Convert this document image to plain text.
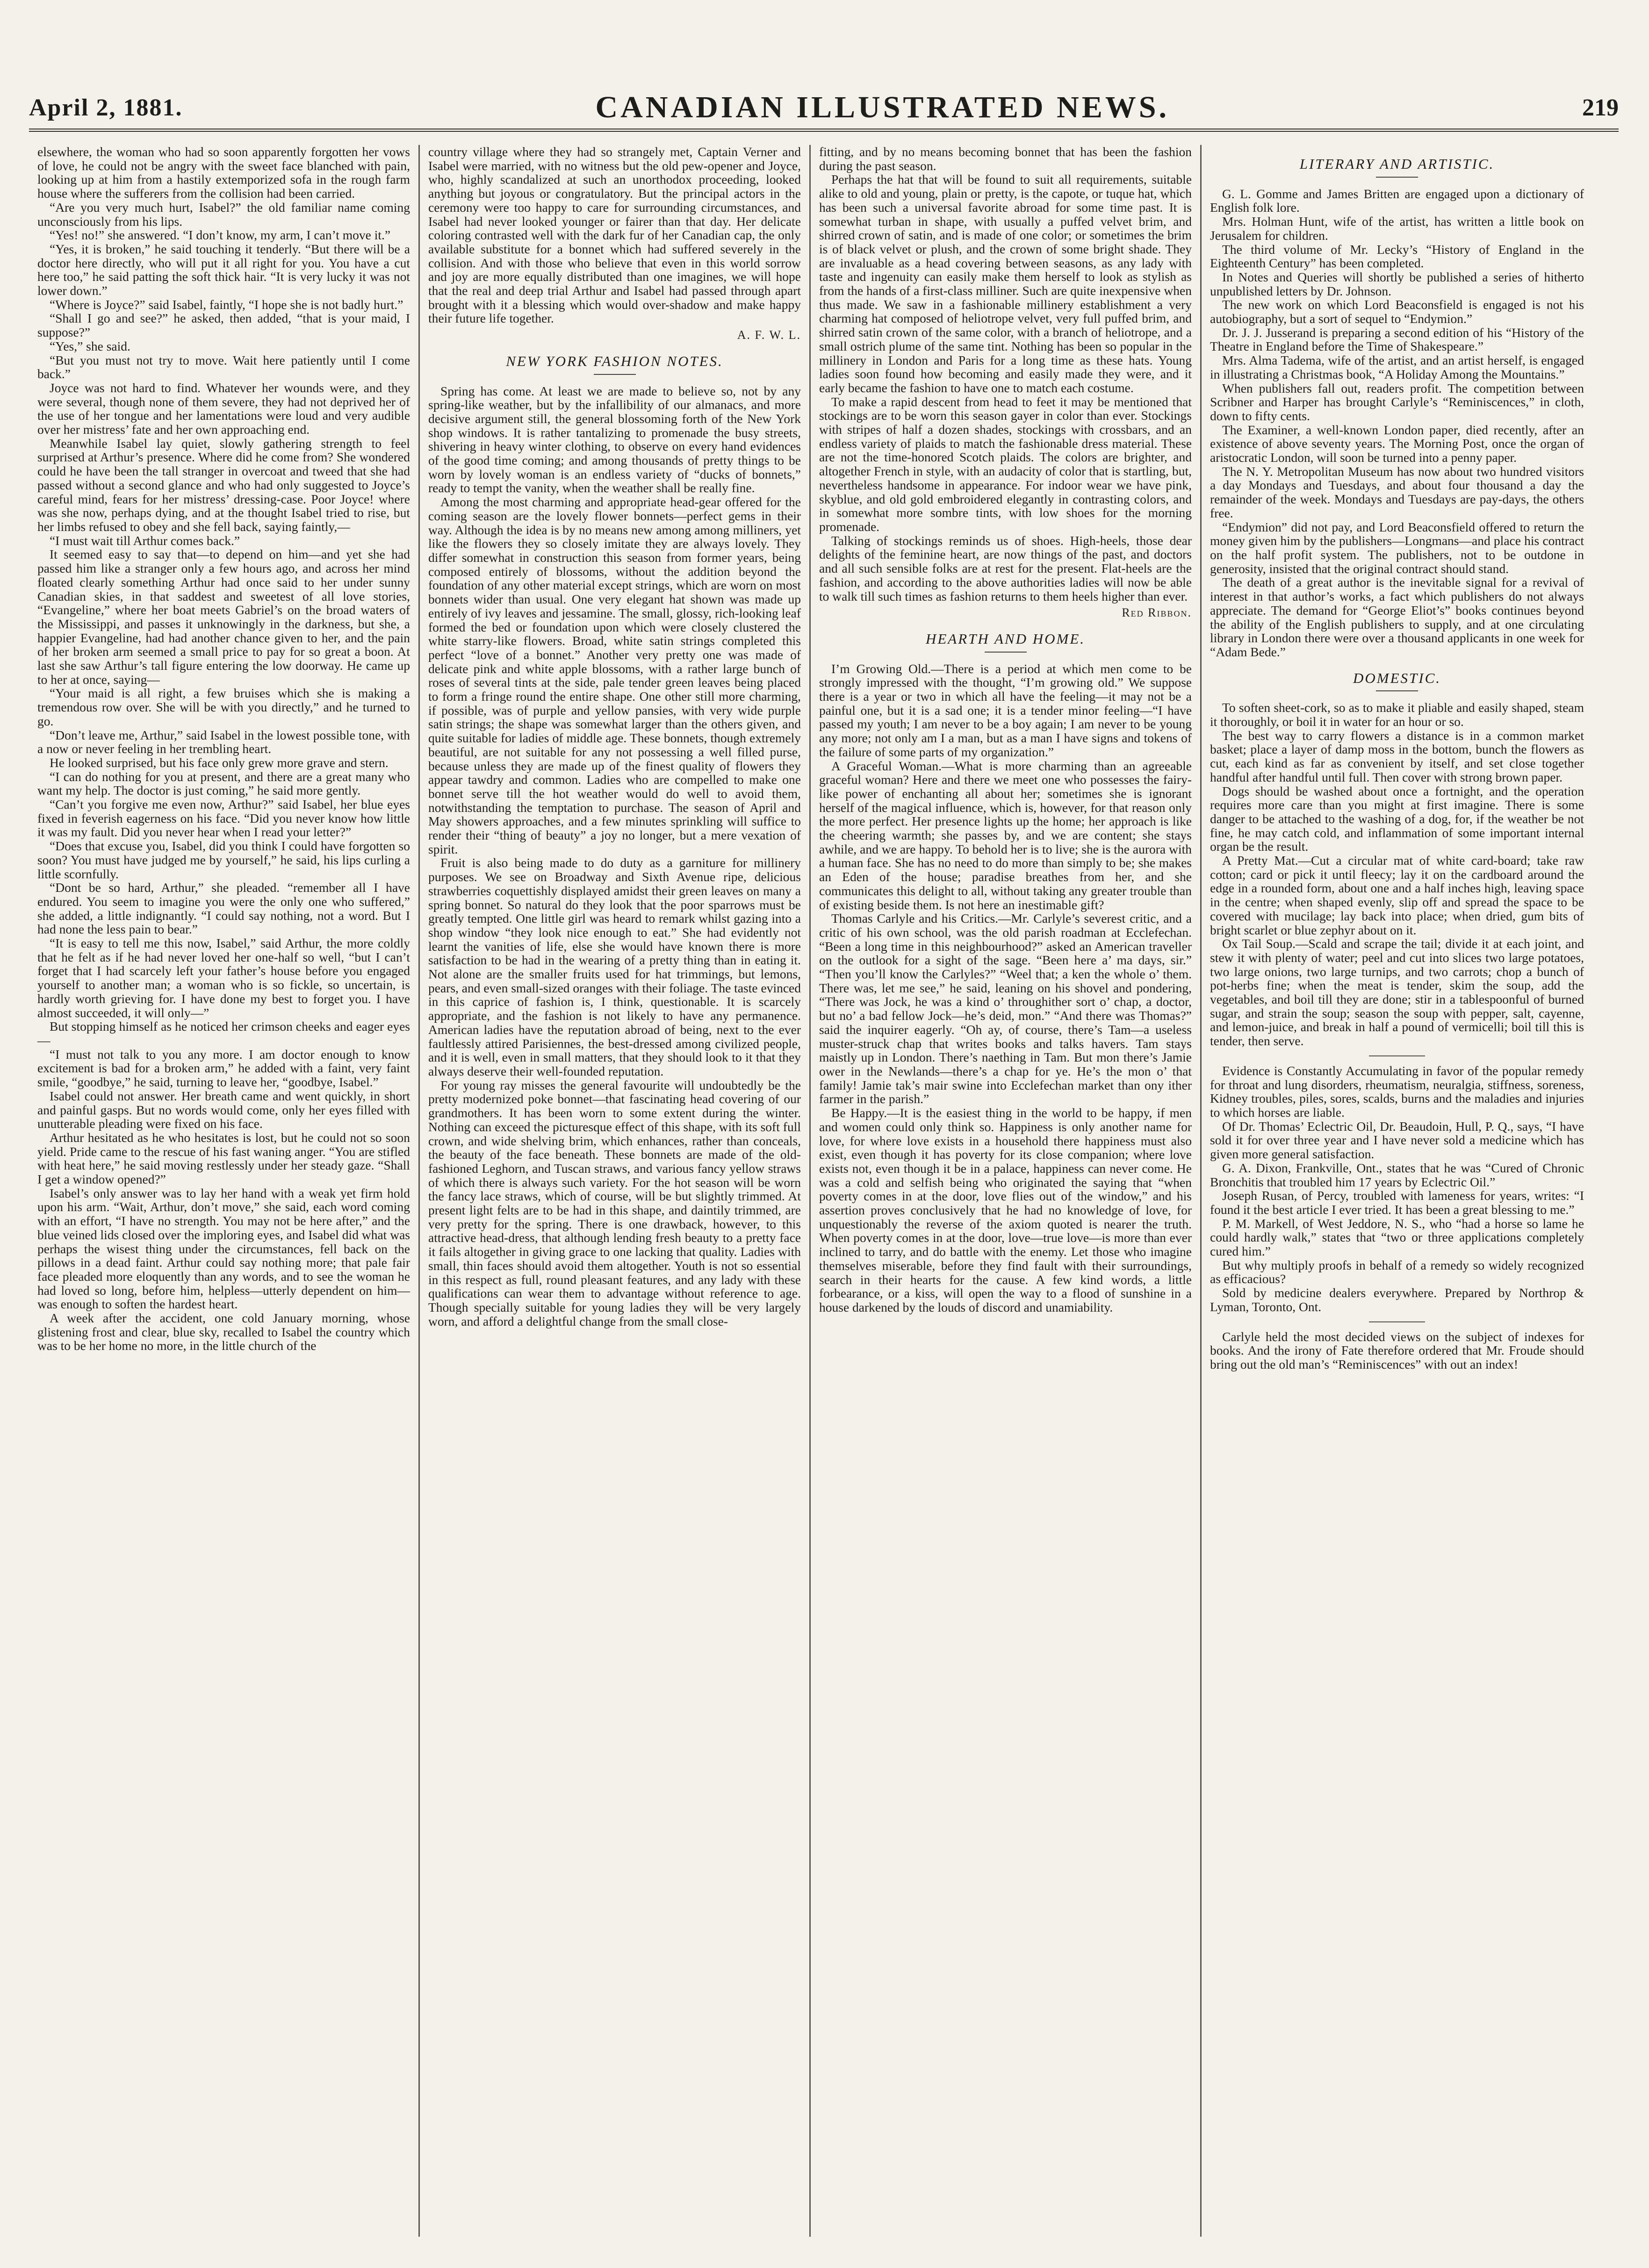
April 2, 1881.	CANADIAN ILLUSTRATED NEWS.	219

elsewhere, the woman who had so soon apparently forgotten her vows of love, he could not be angry with the sweet face blanched with pain, looking up at him from a hastily extemporized sofa in the rough farm house where the sufferers from the collision had been carried.

“Are you very much hurt, Isabel?” the old familiar name coming unconsciously from his lips.

“Yes! no!” she answered. “I don’t know, my arm, I can’t move it.”

“Yes, it is broken,” he said touching it tenderly. “But there will be a doctor here directly, who will put it all right for you. You have a cut here too,” he said patting the soft thick hair. “It is very lucky it was not lower down.”

“Where is Joyce?” said Isabel, faintly, “I hope she is not badly hurt.”

“Shall I go and see?” he asked, then added, “that is your maid, I suppose?”

“Yes,” she said.

“But you must not try to move. Wait here patiently until I come back.”

Joyce was not hard to find. Whatever her wounds were, and they were several, though none of them severe, they had not deprived her of the use of her tongue and her lamentations were loud and very audible over her mistress’ fate and her own approaching end.

Meanwhile Isabel lay quiet, slowly gathering strength to feel surprised at Arthur’s presence. Where did he come from? She wondered could he have been the tall stranger in overcoat and tweed that she had passed without a second glance and who had only suggested to Joyce’s careful mind, fears for her mistress’ dressing-case. Poor Joyce! where was she now, perhaps dying, and at the thought Isabel tried to rise, but her limbs refused to obey and she fell back, saying faintly,—

“I must wait till Arthur comes back.”

It seemed easy to say that—to depend on him—and yet she had passed him like a stranger only a few hours ago, and across her mind floated clearly something Arthur had once said to her under sunny Canadian skies, in that saddest and sweetest of all love stories, “Evangeline,” where her boat meets Gabriel’s on the broad waters of the Mississippi, and passes it unknowingly in the darkness, but she, a happier Evangeline, had had another chance given to her, and the pain of her broken arm seemed a small price to pay for so great a boon. At last she saw Arthur’s tall figure entering the low doorway. He came up to her at once, saying—

“Your maid is all right, a few bruises which she is making a tremendous row over. She will be with you directly,” and he turned to go.

“Don’t leave me, Arthur,” said Isabel in the lowest possible tone, with a now or never feeling in her trembling heart.

He looked surprised, but his face only grew more grave and stern.

“I can do nothing for you at present, and there are a great many who want my help. The doctor is just coming,” he said more gently.

“Can’t you forgive me even now, Arthur?” said Isabel, her blue eyes fixed in feverish eagerness on his face. “Did you never know how little it was my fault. Did you never hear when I read your letter?”

“Does that excuse you, Isabel, did you think I could have forgotten so soon? You must have judged me by yourself,” he said, his lips curling a little scornfully.

“Dont be so hard, Arthur,” she pleaded. “remember all I have endured. You seem to imagine you were the only one who suffered,” she added, a little indignantly. “I could say nothing, not a word. But I had none the less pain to bear.”

“It is easy to tell me this now, Isabel,” said Arthur, the more coldly that he felt as if he had never loved her one-half so well, “but I can’t forget that I had scarcely left your father’s house before you engaged yourself to another man; a woman who is so fickle, so uncertain, is hardly worth grieving for. I have done my best to forget you. I have almost succeeded, it will only—”

But stopping himself as he noticed her crimson cheeks and eager eyes—

“I must not talk to you any more. I am doctor enough to know excitement is bad for a broken arm,” he added with a faint, very faint smile, “goodbye,” he said, turning to leave her, “goodbye, Isabel.”

Isabel could not answer. Her breath came and went quickly, in short and painful gasps. But no words would come, only her eyes filled with unutterable pleading were fixed on his face.

Arthur hesitated as he who hesitates is lost, but he could not so soon yield. Pride came to the rescue of his fast waning anger. “You are stifled with heat here,” he said moving restlessly under her steady gaze. “Shall I get a window opened?”

Isabel’s only answer was to lay her hand with a weak yet firm hold upon his arm. “Wait, Arthur, don’t move,” she said, each word coming with an effort, “I have no strength. You may not be here after,” and the blue veined lids closed over the imploring eyes, and Isabel did what was perhaps the wisest thing under the circumstances, fell back on the pillows in a dead faint. Arthur could say nothing more; that pale fair face pleaded more eloquently than any words, and to see the woman he had loved so long, before him, helpless—utterly dependent on him—was enough to soften the hardest heart.

A week after the accident, one cold January morning, whose glistening frost and clear, blue sky, recalled to Isabel the country which was to be her home no more, in the little church of the

country village where they had so strangely met, Captain Verner and Isabel were married, with no witness but the old pew-opener and Joyce, who, highly scandalized at such an unorthodox proceeding, looked anything but joyous or congratulatory. But the principal actors in the ceremony were too happy to care for surrounding circumstances, and Isabel had never looked younger or fairer than that day. Her delicate coloring contrasted well with the dark fur of her Canadian cap, the only available substitute for a bonnet which had suffered severely in the collision. And with those who believe that even in this world sorrow and joy are more equally distributed than one imagines, we will hope that the real and deep trial Arthur and Isabel had passed through apart brought with it a blessing which would over-shadow and make happy their future life together.

A. F. W. L.
NEW YORK FASHION NOTES.

Spring has come. At least we are made to believe so, not by any spring-like weather, but by the infallibility of our almanacs, and more decisive argument still, the general blossoming forth of the New York shop windows. It is rather tantalizing to promenade the busy streets, shivering in heavy winter clothing, to observe on every hand evidences of the good time coming; and among thousands of pretty things to be worn by lovely woman is an endless variety of “ducks of bonnets,” ready to tempt the vanity, when the weather shall be really fine.

Among the most charming and appropriate head-gear offered for the coming season are the lovely flower bonnets—perfect gems in their way. Although the idea is by no means new among among milliners, yet like the flowers they so closely imitate they are always lovely. They differ somewhat in construction this season from former years, being composed entirely of blossoms, without the addition beyond the foundation of any other material except strings, which are worn on most bonnets wider than usual. One very elegant hat shown was made up entirely of ivy leaves and jessamine. The small, glossy, rich-looking leaf formed the bed or foundation upon which were closely clustered the white starry-like flowers. Broad, white satin strings completed this perfect “love of a bonnet.” Another very pretty one was made of delicate pink and white apple blossoms, with a rather large bunch of roses of several tints at the side, pale tender green leaves being placed to form a fringe round the entire shape. One other still more charming, if possible, was of purple and yellow pansies, with very wide purple satin strings; the shape was somewhat larger than the others given, and quite suitable for ladies of middle age. These bonnets, though extremely beautiful, are not suitable for any not possessing a well filled purse, because unless they are made up of the finest quality of flowers they appear tawdry and common. Ladies who are compelled to make one bonnet serve till the hot weather would do well to avoid them, notwithstanding the temptation to purchase. The season of April and May showers approaches, and a few minutes sprinkling will suffice to render their “thing of beauty” a joy no longer, but a mere vexation of spirit.

Fruit is also being made to do duty as a garniture for millinery purposes. We see on Broadway and Sixth Avenue ripe, delicious strawberries coquettishly displayed amidst their green leaves on many a spring bonnet. So natural do they look that the poor sparrows must be greatly tempted. One little girl was heard to remark whilst gazing into a shop window “they look nice enough to eat.” She had evidently not learnt the vanities of life, else she would have known there is more satisfaction to be had in the wearing of a pretty thing than in eating it. Not alone are the smaller fruits used for hat trimmings, but lemons, pears, and even small-sized oranges with their foliage. The taste evinced in this caprice of fashion is, I think, questionable. It is scarcely appropriate, and the fashion is not likely to have any permanence. American ladies have the reputation abroad of being, next to the ever faultlessly attired Parisiennes, the best-dressed among civilized people, and it is well, even in small matters, that they should look to it that they always deserve their well-founded reputation.

For young ray misses the general favourite will undoubtedly be the pretty modernized poke bonnet—that fascinating head covering of our grandmothers. It has been worn to some extent during the winter. Nothing can exceed the picturesque effect of this shape, with its soft full crown, and wide shelving brim, which enhances, rather than conceals, the beauty of the face beneath. These bonnets are made of the old-fashioned Leghorn, and Tuscan straws, and various fancy yellow straws of which there is always such variety. For the hot season will be worn the fancy lace straws, which of course, will be but slightly trimmed. At present light felts are to be had in this shape, and daintily trimmed, are very pretty for the spring. There is one drawback, however, to this attractive head-dress, that although lending fresh beauty to a pretty face it fails altogether in giving grace to one lacking that quality. Ladies with small, thin faces should avoid them altogether. Youth is not so essential in this respect as full, round pleasant features, and any lady with these qualifications can wear them to advantage without reference to age. Though specially suitable for young ladies they will be very largely worn, and afford a delightful change from the small close-

fitting, and by no means becoming bonnet that has been the fashion during the past season.

Perhaps the hat that will be found to suit all requirements, suitable alike to old and young, plain or pretty, is the capote, or tuque hat, which has been such a universal favorite abroad for some time past. It is somewhat turban in shape, with usually a puffed velvet brim, and shirred crown of satin, and is made of one color; or sometimes the brim is of black velvet or plush, and the crown of some bright shade. They are invaluable as a head covering between seasons, as any lady with taste and ingenuity can easily make them herself to look as stylish as from the hands of a first-class milliner. Such are quite inexpensive when thus made. We saw in a fashionable millinery establishment a very charming hat composed of heliotrope velvet, very full puffed brim, and shirred satin crown of the same color, with a branch of heliotrope, and a small ostrich plume of the same tint. Nothing has been so popular in the millinery in London and Paris for a long time as these hats. Young ladies soon found how becoming and easily made they were, and it early became the fashion to have one to match each costume.

To make a rapid descent from head to feet it may be mentioned that stockings are to be worn this season gayer in color than ever. Stockings with stripes of half a dozen shades, stockings with crossbars, and an endless variety of plaids to match the fashionable dress material. These are not the time-honored Scotch plaids. The colors are brighter, and altogether French in style, with an audacity of color that is startling, but, nevertheless handsome in appearance. For indoor wear we have pink, skyblue, and old gold embroidered elegantly in contrasting colors, and in somewhat more sombre tints, with low shoes for the morning promenade.

Talking of stockings reminds us of shoes. High-heels, those dear delights of the feminine heart, are now things of the past, and doctors and all such sensible folks are at rest for the present. Flat-heels are the fashion, and according to the above authorities ladies will now be able to walk till such times as fashion returns to them heels higher than ever.

Red Ribbon.
HEARTH AND HOME.

I’m Growing Old.—There is a period at which men come to be strongly impressed with the thought, “I’m growing old.” We suppose there is a year or two in which all have the feeling—it may not be a painful one, but it is a sad one; it is a tender minor feeling—“I have passed my youth; I am never to be a boy again; I am never to be young any more; not only am I a man, but as a man I have signs and tokens of the failure of some parts of my organization.”

A Graceful Woman.—What is more charming than an agreeable graceful woman? Here and there we meet one who possesses the fairy-like power of enchanting all about her; sometimes she is ignorant herself of the magical influence, which is, however, for that reason only the more perfect. Her presence lights up the home; her approach is like the cheering warmth; she passes by, and we are content; she stays awhile, and we are happy. To behold her is to live; she is the aurora with a human face. She has no need to do more than simply to be; she makes an Eden of the house; paradise breathes from her, and she communicates this delight to all, without taking any greater trouble than of existing beside them. Is not here an inestimable gift?

Thomas Carlyle and his Critics.—Mr. Carlyle’s severest critic, and a critic of his own school, was the old parish roadman at Ecclefechan. “Been a long time in this neighbourhood?” asked an American traveller on the outlook for a sight of the sage. “Been here a’ ma days, sir.” “Then you’ll know the Carlyles?” “Weel that; a ken the whole o’ them. There was, let me see,” he said, leaning on his shovel and pondering, “There was Jock, he was a kind o’ throughither sort o’ chap, a doctor, but no’ a bad fellow Jock—he’s deid, mon.” “And there was Thomas?” said the inquirer eagerly. “Oh ay, of course, there’s Tam—a useless muster-struck chap that writes books and talks havers. Tam stays maistly up in London. There’s naething in Tam. But mon there’s Jamie ower in the Newlands—there’s a chap for ye. He’s the mon o’ that family! Jamie tak’s mair swine into Ecclefechan market than ony ither farmer in the parish.”

Be Happy.—It is the easiest thing in the world to be happy, if men and women could only think so. Happiness is only another name for love, for where love exists in a household there happiness must also exist, even though it has poverty for its close companion; where love exists not, even though it be in a palace, happiness can never come. He was a cold and selfish being who originated the saying that “when poverty comes in at the door, love flies out of the window,” and his assertion proves conclusively that he had no knowledge of love, for unquestionably the reverse of the axiom quoted is nearer the truth. When poverty comes in at the door, love—true love—is more than ever inclined to tarry, and do battle with the enemy. Let those who imagine themselves miserable, before they find fault with their surroundings, search in their hearts for the cause. A few kind words, a little forbearance, or a kiss, will open the way to a flood of sunshine in a house darkened by the louds of discord and unamiability.

LITERARY AND ARTISTIC.

G. L. Gomme and James Britten are engaged upon a dictionary of English folk lore.

Mrs. Holman Hunt, wife of the artist, has written a little book on Jerusalem for children.

The third volume of Mr. Lecky’s “History of England in the Eighteenth Century” has been completed.

In Notes and Queries will shortly be published a series of hitherto unpublished letters by Dr. Johnson.

The new work on which Lord Beaconsfield is engaged is not his autobiography, but a sort of sequel to “Endymion.”

Dr. J. J. Jusserand is preparing a second edition of his “History of the Theatre in England before the Time of Shakespeare.”

Mrs. Alma Tadema, wife of the artist, and an artist herself, is engaged in illustrating a Christmas book, “A Holiday Among the Mountains.”

When publishers fall out, readers profit. The competition between Scribner and Harper has brought Carlyle’s “Reminiscences,” in cloth, down to fifty cents.

The Examiner, a well-known London paper, died recently, after an existence of above seventy years. The Morning Post, once the organ of aristocratic London, will soon be turned into a penny paper.

The N. Y. Metropolitan Museum has now about two hundred visitors a day Mondays and Tuesdays, and about four thousand a day the remainder of the week. Mondays and Tuesdays are pay-days, the others free.

“Endymion” did not pay, and Lord Beaconsfield offered to return the money given him by the publishers—Longmans—and place his contract on the half profit system. The publishers, not to be outdone in generosity, insisted that the original contract should stand.

The death of a great author is the inevitable signal for a revival of interest in that author’s works, a fact which publishers do not always appreciate. The demand for “George Eliot’s” books continues beyond the ability of the English publishers to supply, and at one circulating library in London there were over a thousand applicants in one week for “Adam Bede.”

DOMESTIC.

To soften sheet-cork, so as to make it pliable and easily shaped, steam it thoroughly, or boil it in water for an hour or so.

The best way to carry flowers a distance is in a common market basket; place a layer of damp moss in the bottom, bunch the flowers as cut, each kind as far as convenient by itself, and set close together handful after handful until full. Then cover with strong brown paper.

Dogs should be washed about once a fortnight, and the operation requires more care than you might at first imagine. There is some danger to be attached to the washing of a dog, for, if the weather be not fine, he may catch cold, and inflammation of some important internal organ be the result.

A Pretty Mat.—Cut a circular mat of white card-board; take raw cotton; card or pick it until fleecy; lay it on the cardboard around the edge in a rounded form, about one and a half inches high, leaving space in the centre; when shaped evenly, slip off and spread the space to be covered with mucilage; lay back into place; when dried, gum bits of bright scarlet or blue zephyr about on it.

Ox Tail Soup.—Scald and scrape the tail; divide it at each joint, and stew it with plenty of water; peel and cut into slices two large potatoes, two large onions, two large turnips, and two carrots; chop a bunch of pot-herbs fine; when the meat is tender, skim the soup, add the vegetables, and boil till they are done; stir in a tablespoonful of burned sugar, and strain the soup; season the soup with pepper, salt, cayenne, and lemon-juice, and break in half a pound of vermicelli; boil till this is tender, then serve.

Evidence is Constantly Accumulating in favor of the popular remedy for throat and lung disorders, rheumatism, neuralgia, stiffness, soreness, Kidney troubles, piles, sores, scalds, burns and the maladies and injuries to which horses are liable.

Of Dr. Thomas’ Eclectric Oil, Dr. Beaudoin, Hull, P. Q., says, “I have sold it for over three year and I have never sold a medicine which has given more general satisfaction.

G. A. Dixon, Frankville, Ont., states that he was “Cured of Chronic Bronchitis that troubled him 17 years by Eclectric Oil.”

Joseph Rusan, of Percy, troubled with lameness for years, writes: “I found it the best article I ever tried. It has been a great blessing to me.”

P. M. Markell, of West Jeddore, N. S., who “had a horse so lame he could hardly walk,” states that “two or three applications completely cured him.”

But why multiply proofs in behalf of a remedy so widely recognized as efficacious?

Sold by medicine dealers everywhere. Prepared by Northrop & Lyman, Toronto, Ont.

Carlyle held the most decided views on the subject of indexes for books. And the irony of Fate therefore ordered that Mr. Froude should bring out the old man’s “Reminiscences” with out an index!
